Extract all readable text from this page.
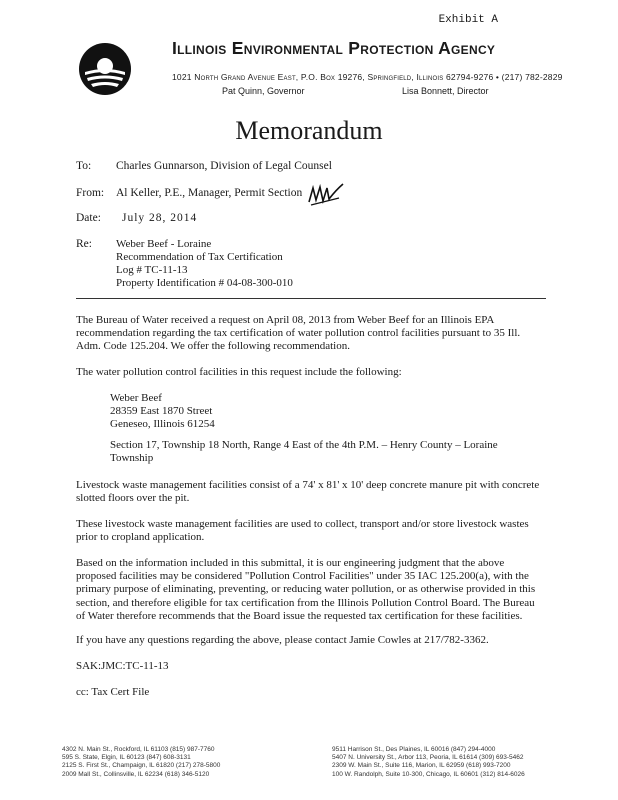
Exhibit A
Illinois Environmental Protection Agency
1021 North Grand Avenue East, P.O. Box 19276, Springfield, Illinois 62794-9276 • (217) 782-2829
Pat Quinn, Governor	Lisa Bonnett, Director
Memorandum
To: Charles Gunnarson, Division of Legal Counsel
From: Al Keller, P.E., Manager, Permit Section
Date: July 28, 2014
Re: Weber Beef - Loraine
Recommendation of Tax Certification
Log # TC-11-13
Property Identification # 04-08-300-010
The Bureau of Water received a request on April 08, 2013 from Weber Beef for an Illinois EPA recommendation regarding the tax certification of water pollution control facilities pursuant to 35 Ill. Adm. Code 125.204. We offer the following recommendation.
The water pollution control facilities in this request include the following:
Weber Beef
28359 East 1870 Street
Geneseo, Illinois 61254
Section 17, Township 18 North, Range 4 East of the 4th P.M. – Henry County – Loraine Township
Livestock waste management facilities consist of a 74' x 81' x 10' deep concrete manure pit with concrete slotted floors over the pit.
These livestock waste management facilities are used to collect, transport and/or store livestock wastes prior to cropland application.
Based on the information included in this submittal, it is our engineering judgment that the above proposed facilities may be considered "Pollution Control Facilities" under 35 IAC 125.200(a), with the primary purpose of eliminating, preventing, or reducing water pollution, or as otherwise provided in this section, and therefore eligible for tax certification from the Illinois Pollution Control Board. The Bureau of Water therefore recommends that the Board issue the requested tax certification for these facilities.
If you have any questions regarding the above, please contact Jamie Cowles at 217/782-3362.
SAK:JMC:TC-11-13
cc: Tax Cert File
4302 N. Main St., Rockford, IL 61103 (815) 987-7760
595 S. State, Elgin, IL 60123 (847) 608-3131
2125 S. First St., Champaign, IL 61820 (217) 278-5800
2009 Mall St., Collinsville, IL 62234 (618) 346-5120
9511 Harrison St., Des Plaines, IL 60016 (847) 294-4000
5407 N. University St., Arbor 113, Peoria, IL 61614 (309) 693-5462
2309 W. Main St., Suite 116, Marion, IL 62959 (618) 993-7200
100 W. Randolph, Suite 10-300, Chicago, IL 60601 (312) 814-6026
